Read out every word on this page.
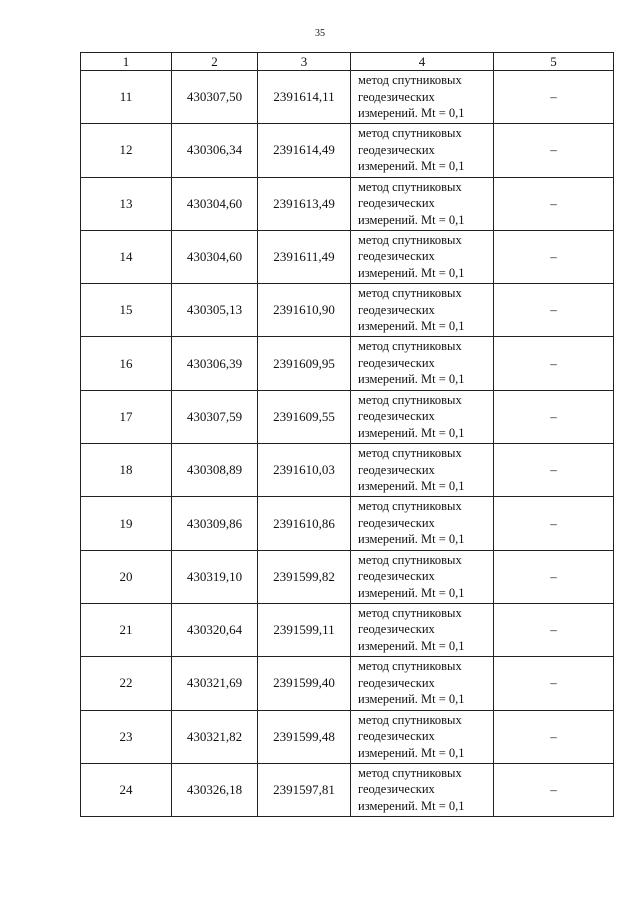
35
1	2	3	4	5
11	430307,50	2391614,11	метод спутниковых
геодезических
измерений. Mt = 0,1	–
12	430306,34	2391614,49	метод спутниковых
геодезических
измерений. Mt = 0,1	–
13	430304,60	2391613,49	метод спутниковых
геодезических
измерений. Mt = 0,1	–
14	430304,60	2391611,49	метод спутниковых
геодезических
измерений. Mt = 0,1	–
15	430305,13	2391610,90	метод спутниковых
геодезических
измерений. Mt = 0,1	–
16	430306,39	2391609,95	метод спутниковых
геодезических
измерений. Mt = 0,1	–
17	430307,59	2391609,55	метод спутниковых
геодезических
измерений. Mt = 0,1	–
18	430308,89	2391610,03	метод спутниковых
геодезических
измерений. Mt = 0,1	–
19	430309,86	2391610,86	метод спутниковых
геодезических
измерений. Mt = 0,1	–
20	430319,10	2391599,82	метод спутниковых
геодезических
измерений. Mt = 0,1	–
21	430320,64	2391599,11	метод спутниковых
геодезических
измерений. Mt = 0,1	–
22	430321,69	2391599,40	метод спутниковых
геодезических
измерений. Mt = 0,1	–
23	430321,82	2391599,48	метод спутниковых
геодезических
измерений. Mt = 0,1	–
24	430326,18	2391597,81	метод спутниковых
геодезических
измерений. Mt = 0,1	–
